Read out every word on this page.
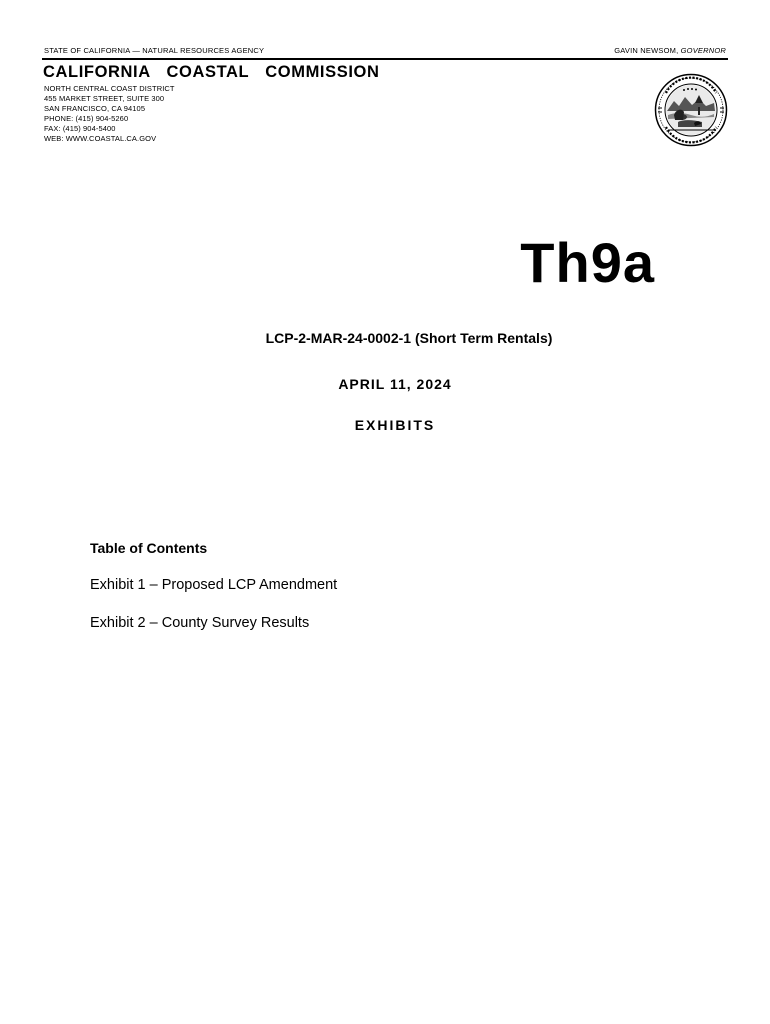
STATE OF CALIFORNIA — NATURAL RESOURCES AGENCY	GAVIN NEWSOM, GOVERNOR
CALIFORNIA  COASTAL  COMMISSION
NORTH CENTRAL COAST DISTRICT
455 MARKET STREET, SUITE 300
SAN FRANCISCO, CA 94105
PHONE: (415) 904-5260
FAX: (415) 904-5400
WEB: WWW.COASTAL.CA.GOV
Th9a
LCP-2-MAR-24-0002-1 (Short Term Rentals)
APRIL 11, 2024
EXHIBITS
Table of Contents
Exhibit 1 – Proposed LCP Amendment
Exhibit 2 – County Survey Results
